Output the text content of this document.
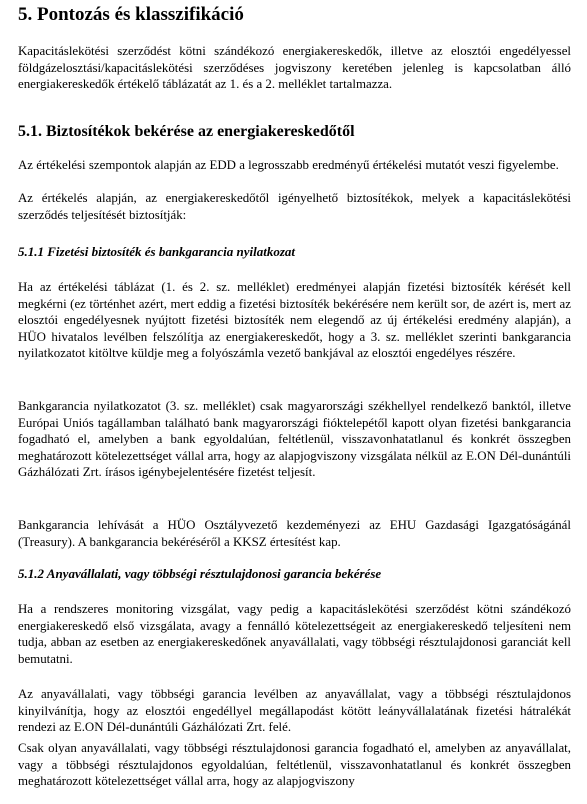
5. Pontozás és klasszifikáció

Kapacitáslekötési szerződést kötni szándékozó energiakereskedők, illetve az elosztói engedélyessel földgázelosztási/kapacitáslekötési szerződéses jogviszony keretében jelenleg is kapcsolatban álló energiakereskedők értékelő táblázatát az 1. és a 2. melléklet tartalmazza.

5.1. Biztosítékok bekérése az energiakereskedőtől

Az értékelési szempontok alapján az EDD a legrosszabb eredményű értékelési mutatót veszi figyelembe.

Az értékelés alapján, az energiakereskedőtől igényelhető biztosítékok, melyek a kapacitáslekötési szerződés teljesítését biztosítják:

5.1.1 Fizetési biztosíték és bankgarancia nyilatkozat

Ha az értékelési táblázat (1. és 2. sz. melléklet) eredményei alapján fizetési biztosíték kérését kell megkérni (ez történhet azért, mert eddig a fizetési biztosíték bekérésére nem került sor, de azért is, mert az elosztói engedélyesnek nyújtott fizetési biztosíték nem elegendő az új értékelési eredmény alapján), a HÜO hivatalos levélben felszólítja az energiakereskedőt, hogy a 3. sz. melléklet szerinti bankgarancia nyilatkozatot kitöltve küldje meg a folyószámla vezető bankjával az elosztói engedélyes részére.

Bankgarancia nyilatkozatot (3. sz. melléklet) csak magyarországi székhellyel rendelkező banktól, illetve Európai Uniós tagállamban található bank magyarországi fióktelepétől kapott olyan fizetési bankgarancia fogadható el, amelyben a bank egyoldalúan, feltétlenül, visszavonhatatlanul és konkrét összegben meghatározott kötelezettséget vállal arra, hogy az alapjogviszony vizsgálata nélkül az E.ON Dél-dunántúli Gázhálózati Zrt. írásos igénybejelentésére fizetést teljesít.

Bankgarancia lehívását a HÜO Osztályvezető kezdeményezi az EHU Gazdasági Igazgatóságánál (Treasury). A bankgarancia bekéréséről a KKSZ értesítést kap.

5.1.2 Anyavállalati, vagy többségi résztulajdonosi garancia bekérése

Ha a rendszeres monitoring vizsgálat, vagy pedig a kapacitáslekötési szerződést kötni szándékozó energiakereskedő első vizsgálata, avagy a fennálló kötelezettségeit az energiakereskedő teljesíteni nem tudja, abban az esetben az energiakereskedőnek anyavállalati, vagy többségi résztulajdonosi garanciát kell bemutatni.

Az anyavállalati, vagy többségi garancia levélben az anyavállalat, vagy a többségi résztulajdonos kinyilvánítja, hogy az elosztói engedéllyel megállapodást kötött leányvállalatának fizetési hátralékát rendezi az E.ON Dél-dunántúli Gázhálózati Zrt. felé.

Csak olyan anyavállalati, vagy többségi résztulajdonosi garancia fogadható el, amelyben az anyavállalat, vagy a többségi résztulajdonos egyoldalúan, feltétlenül, visszavonhatatlanul és konkrét összegben meghatározott kötelezettséget vállal arra, hogy az alapjogviszony
